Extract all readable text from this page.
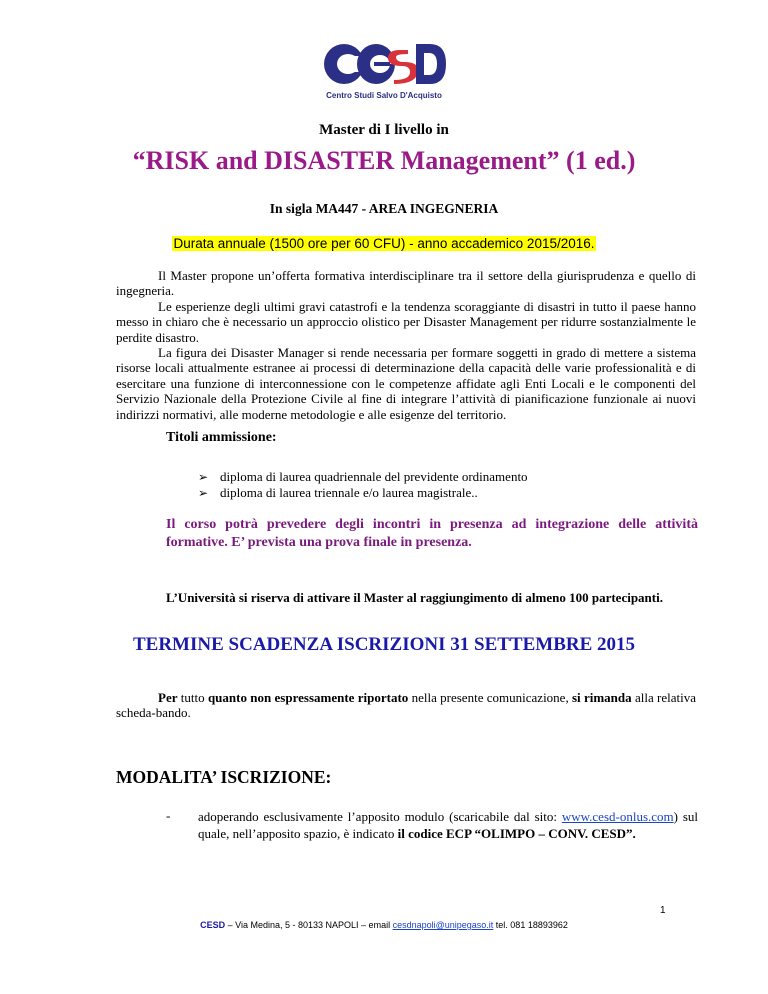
Centro Studi Salvo D'Acquisto
Master di I livello in
“RISK and DISASTER Management” (1 ed.)
In sigla MA447 - AREA INGEGNERIA
Durata annuale (1500 ore per 60 CFU) - anno accademico 2015/2016.
Il Master propone un’offerta formativa interdisciplinare tra il settore della giurisprudenza e quello di ingegneria.
Le esperienze degli ultimi gravi catastrofi e la tendenza scoraggiante di disastri in tutto il paese hanno messo in chiaro che è necessario un approccio olistico per Disaster Management per ridurre sostanzialmente le perdite disastro.
La figura dei Disaster Manager si rende necessaria per formare soggetti in grado di mettere a sistema risorse locali attualmente estranee ai processi di determinazione della capacità delle varie professionalità e di esercitare una funzione di interconnessione con le competenze affidate agli Enti Locali e le componenti del Servizio Nazionale della Protezione Civile al fine di integrare l’attività di pianificazione funzionale ai nuovi indirizzi normativi, alle moderne metodologie e alle esigenze del territorio.
Titoli ammissione:
➢ diploma di laurea quadriennale del previdente ordinamento
➢ diploma di laurea triennale e/o laurea magistrale..
Il corso potrà prevedere degli incontri in presenza ad integrazione delle attività formative. E’ prevista una prova finale in presenza.
L’Università si riserva di attivare il Master al raggiungimento di almeno 100 partecipanti.
TERMINE SCADENZA ISCRIZIONI 31 SETTEMBRE 2015
Per tutto quanto non espressamente riportato nella presente comunicazione, si rimanda alla relativa scheda-bando.
MODALITA’ ISCRIZIONE:
- adoperando esclusivamente l’apposito modulo (scaricabile dal sito: www.cesd-onlus.com) sul quale, nell’apposito spazio, è indicato il codice ECP “OLIMPO – CONV. CESD”.
1
CESD – Via Medina, 5 - 80133 NAPOLI – email cesdnapoli@unipegaso.it tel. 081 18893962
